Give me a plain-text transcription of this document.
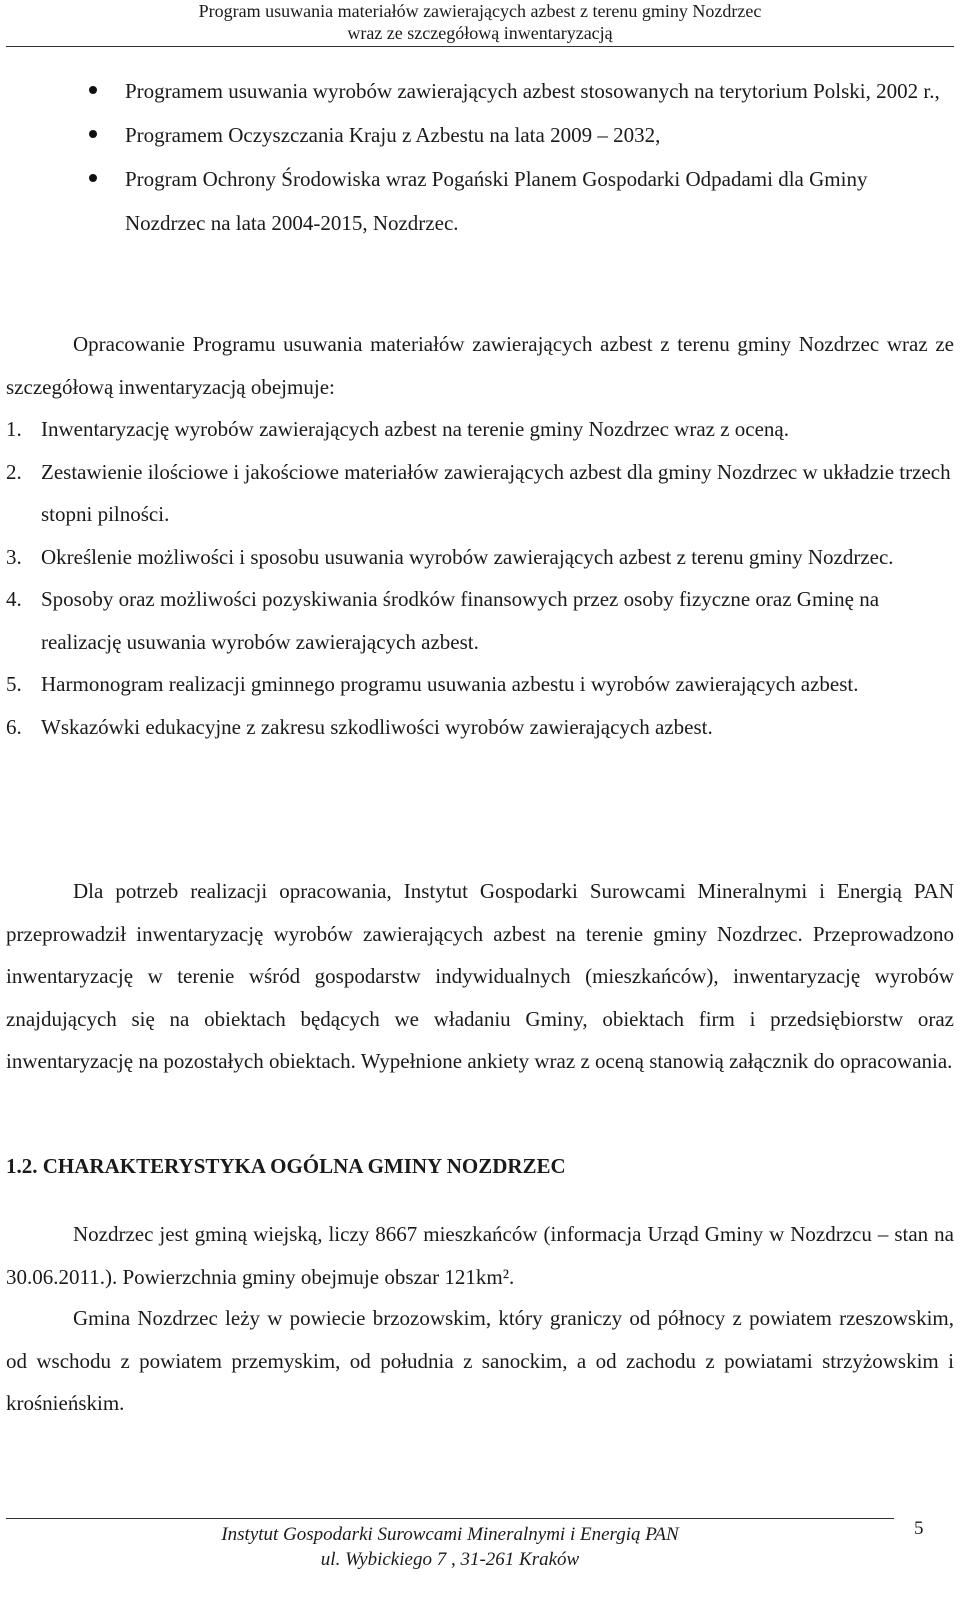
Program usuwania materiałów zawierających azbest z terenu gminy Nozdrzec
wraz ze szczegółową inwentaryzacją
Programem usuwania wyrobów zawierających azbest stosowanych na terytorium Polski, 2002 r.,
Programem Oczyszczania Kraju z Azbestu na lata 2009 – 2032,
Program Ochrony Środowiska wraz Pogański Planem Gospodarki Odpadami dla Gminy Nozdrzec na lata 2004-2015, Nozdrzec.
Opracowanie Programu usuwania materiałów zawierających azbest z terenu gminy Nozdrzec wraz ze szczegółową inwentaryzacją obejmuje:
1. Inwentaryzację wyrobów zawierających azbest na terenie gminy Nozdrzec wraz z oceną.
2. Zestawienie ilościowe i jakościowe materiałów zawierających azbest dla gminy Nozdrzec w układzie trzech stopni pilności.
3. Określenie możliwości i sposobu usuwania wyrobów zawierających azbest z terenu gminy Nozdrzec.
4. Sposoby oraz możliwości pozyskiwania środków finansowych przez osoby fizyczne oraz Gminę na realizację usuwania wyrobów zawierających azbest.
5. Harmonogram realizacji gminnego programu usuwania azbestu i wyrobów zawierających azbest.
6. Wskazówki edukacyjne z zakresu szkodliwości wyrobów zawierających azbest.
Dla potrzeb realizacji opracowania, Instytut Gospodarki Surowcami Mineralnymi i Energią PAN przeprowadził inwentaryzację wyrobów zawierających azbest na terenie gminy Nozdrzec. Przeprowadzono inwentaryzację w terenie wśród gospodarstw indywidualnych (mieszkańców), inwentaryzację wyrobów znajdujących się na obiektach będących we władaniu Gminy, obiektach firm i przedsiębiorstw oraz inwentaryzację na pozostałych obiektach. Wypełnione ankiety wraz z oceną stanowią załącznik do opracowania.
1.2. CHARAKTERYSTYKA OGÓLNA GMINY NOZDRZEC
Nozdrzec jest gminą wiejską, liczy 8667 mieszkańców (informacja Urząd Gminy w Nozdrzcu – stan na 30.06.2011.). Powierzchnia gminy obejmuje obszar 121km².
Gmina Nozdrzec leży w powiecie brzozowskim, który graniczy od północy z powiatem rzeszowskim, od wschodu z powiatem przemyskim, od południa z sanockim, a od zachodu z powiatami strzyżowskim i krośnieńskim.
Instytut Gospodarki Surowcami Mineralnymi i Energią PAN
ul. Wybickiego 7 , 31-261 Kraków
5
